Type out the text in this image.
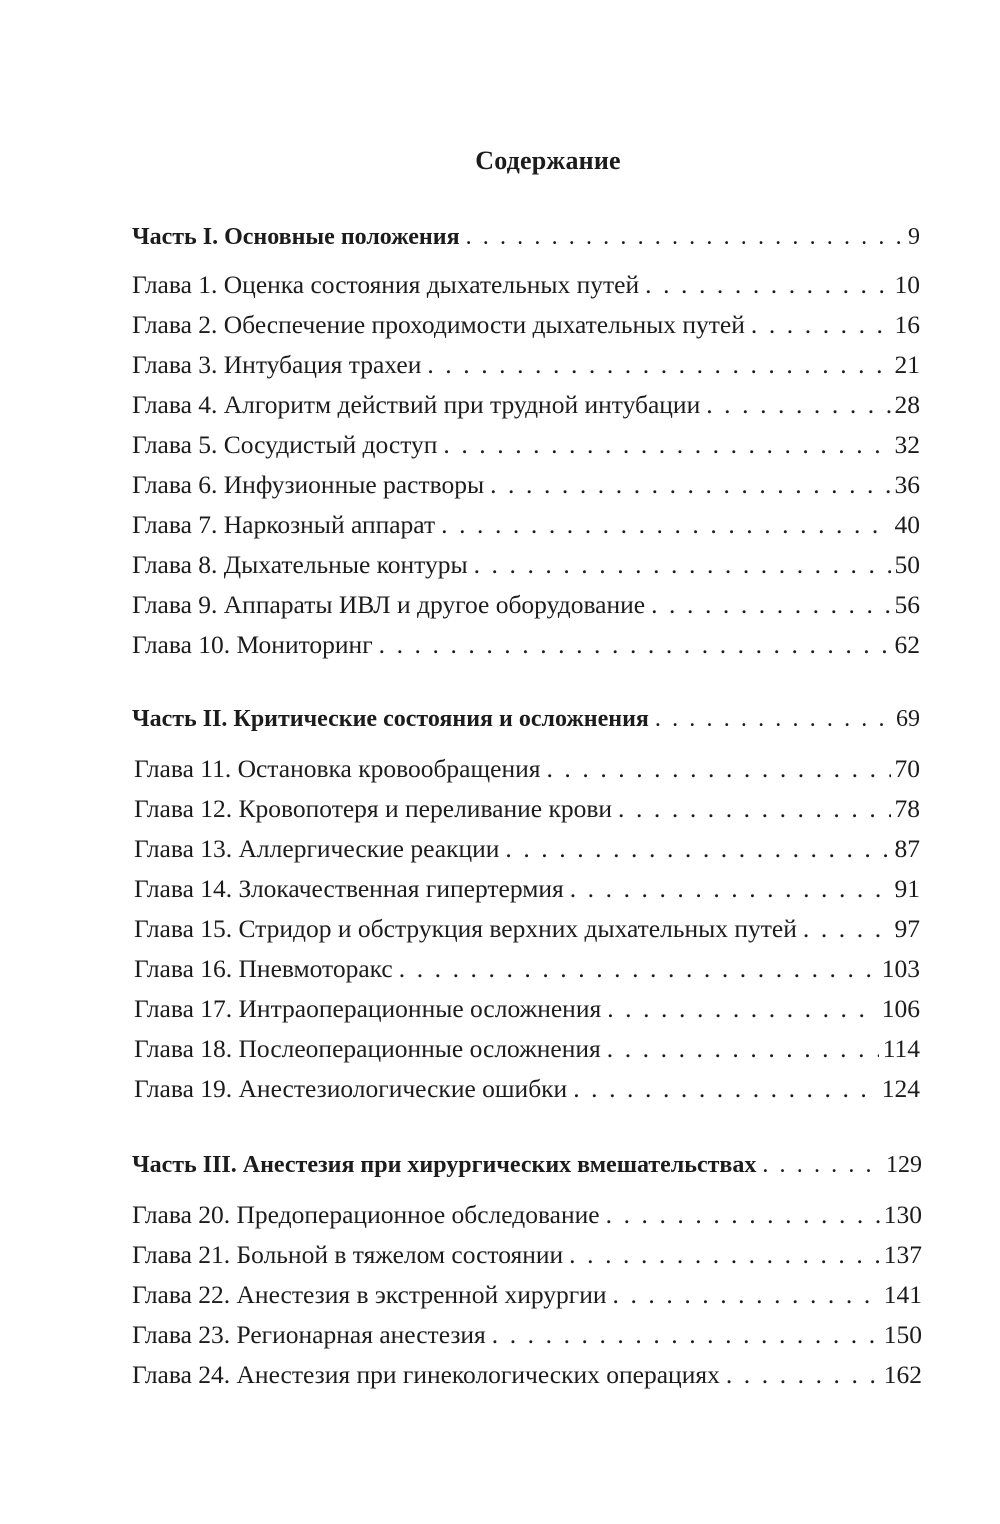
Содержание
Часть I. Основные положения . . .	9
Глава 1. Оценка состояния дыхательных путей . . .	10
Глава 2. Обеспечение проходимости дыхательных путей . . .	16
Глава 3. Интубация трахеи . . .	21
Глава 4. Алгоритм действий при трудной интубации . . .	28
Глава 5. Сосудистый доступ . . .	32
Глава 6. Инфузионные растворы . . .	36
Глава 7. Наркозный аппарат . . .	40
Глава 8. Дыхательные контуры . . .	50
Глава 9. Аппараты ИВЛ и другое оборудование . . .	56
Глава 10. Мониторинг . . .	62
Часть II. Критические состояния и осложнения . . .	69
Глава 11. Остановка кровообращения . . .	70
Глава 12. Кровопотеря и переливание крови . . .	78
Глава 13. Аллергические реакции . . .	87
Глава 14. Злокачественная гипертермия . . .	91
Глава 15. Стридор и обструкция верхних дыхательных путей . . .	97
Глава 16. Пневмоторакс . . .	103
Глава 17. Интраоперационные осложнения . . .	106
Глава 18. Послеоперационные осложнения . . .	114
Глава 19. Анестезиологические ошибки . . .	124
Часть III. Анестезия при хирургических вмешательствах . . .	129
Глава 20. Предоперационное обследование . . .	130
Глава 21. Больной в тяжелом состоянии . . .	137
Глава 22. Анестезия в экстренной хирургии . . .	141
Глава 23. Регионарная анестезия . . .	150
Глава 24. Анестезия при гинекологических операциях . . .	162
